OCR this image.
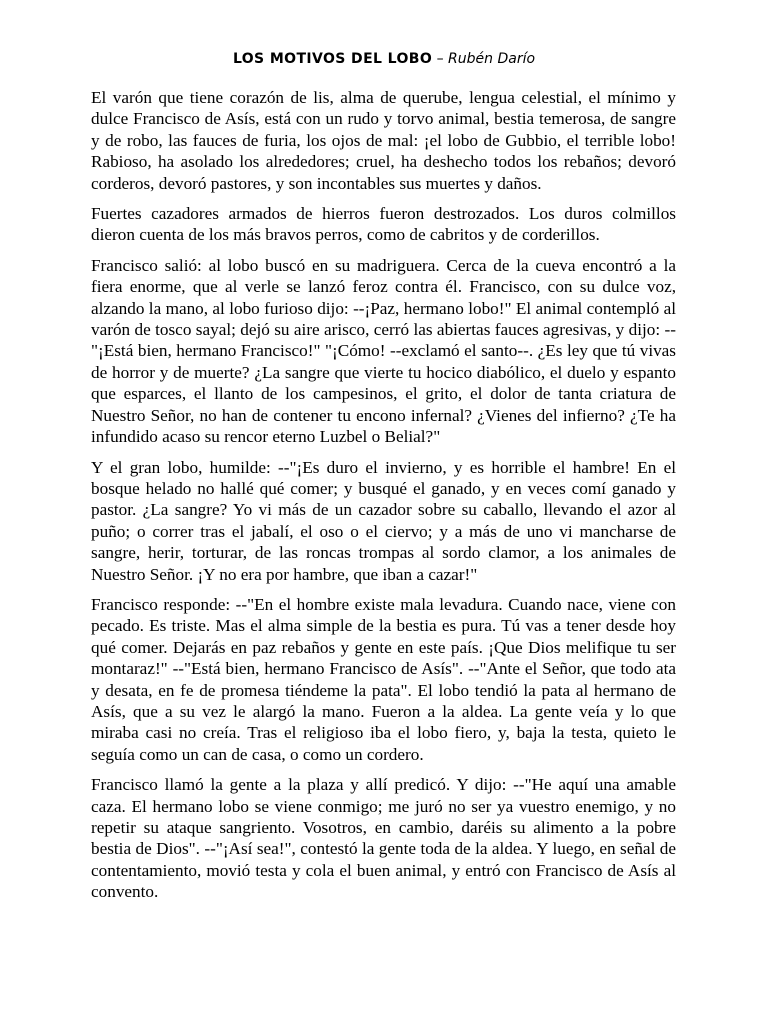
LOS MOTIVOS DEL LOBO – Rubén Darío

El varón que tiene corazón de lis, alma de querube, lengua celestial, el mínimo y dulce Francisco de Asís, está con un rudo y torvo animal, bestia temerosa, de sangre y de robo, las fauces de furia, los ojos de mal: ¡el lobo de Gubbio, el terrible lobo! Rabioso, ha asolado los alrededores; cruel, ha deshecho todos los rebaños; devoró corderos, devoró pastores, y son incontables sus muertes y daños.

Fuertes cazadores armados de hierros fueron destrozados. Los duros colmillos dieron cuenta de los más bravos perros, como de cabritos y de corderillos.

Francisco salió: al lobo buscó en su madriguera. Cerca de la cueva encontró a la fiera enorme, que al verle se lanzó feroz contra él. Francisco, con su dulce voz, alzando la mano, al lobo furioso dijo: --¡Paz, hermano lobo!" El animal contempló al varón de tosco sayal; dejó su aire arisco, cerró las abiertas fauces agresivas, y dijo: --"¡Está bien, hermano Francisco!" "¡Cómo! --exclamó el santo--. ¿Es ley que tú vivas de horror y de muerte? ¿La sangre que vierte tu hocico diabólico, el duelo y espanto que esparces, el llanto de los campesinos, el grito, el dolor de tanta criatura de Nuestro Señor, no han de contener tu encono infernal? ¿Vienes del infierno? ¿Te ha infundido acaso su rencor eterno Luzbel o Belial?"

Y el gran lobo, humilde: --"¡Es duro el invierno, y es horrible el hambre! En el bosque helado no hallé qué comer; y busqué el ganado, y en veces comí ganado y pastor. ¿La sangre? Yo vi más de un cazador sobre su caballo, llevando el azor al puño; o correr tras el jabalí, el oso o el ciervo; y a más de uno vi mancharse de sangre, herir, torturar, de las roncas trompas al sordo clamor, a los animales de Nuestro Señor. ¡Y no era por hambre, que iban a cazar!"

Francisco responde: --"En el hombre existe mala levadura. Cuando nace, viene con pecado. Es triste. Mas el alma simple de la bestia es pura. Tú vas a tener desde hoy qué comer. Dejarás en paz rebaños y gente en este país. ¡Que Dios melifique tu ser montaraz!" --"Está bien, hermano Francisco de Asís". --"Ante el Señor, que todo ata y desata, en fe de promesa tiéndeme la pata". El lobo tendió la pata al hermano de Asís, que a su vez le alargó la mano. Fueron a la aldea. La gente veía y lo que miraba casi no creía. Tras el religioso iba el lobo fiero, y, baja la testa, quieto le seguía como un can de casa, o como un cordero.

Francisco llamó la gente a la plaza y allí predicó. Y dijo: --"He aquí una amable caza. El hermano lobo se viene conmigo; me juró no ser ya vuestro enemigo, y no repetir su ataque sangriento. Vosotros, en cambio, daréis su alimento a la pobre bestia de Dios". --"¡Así sea!", contestó la gente toda de la aldea. Y luego, en señal de contentamiento, movió testa y cola el buen animal, y entró con Francisco de Asís al convento.
